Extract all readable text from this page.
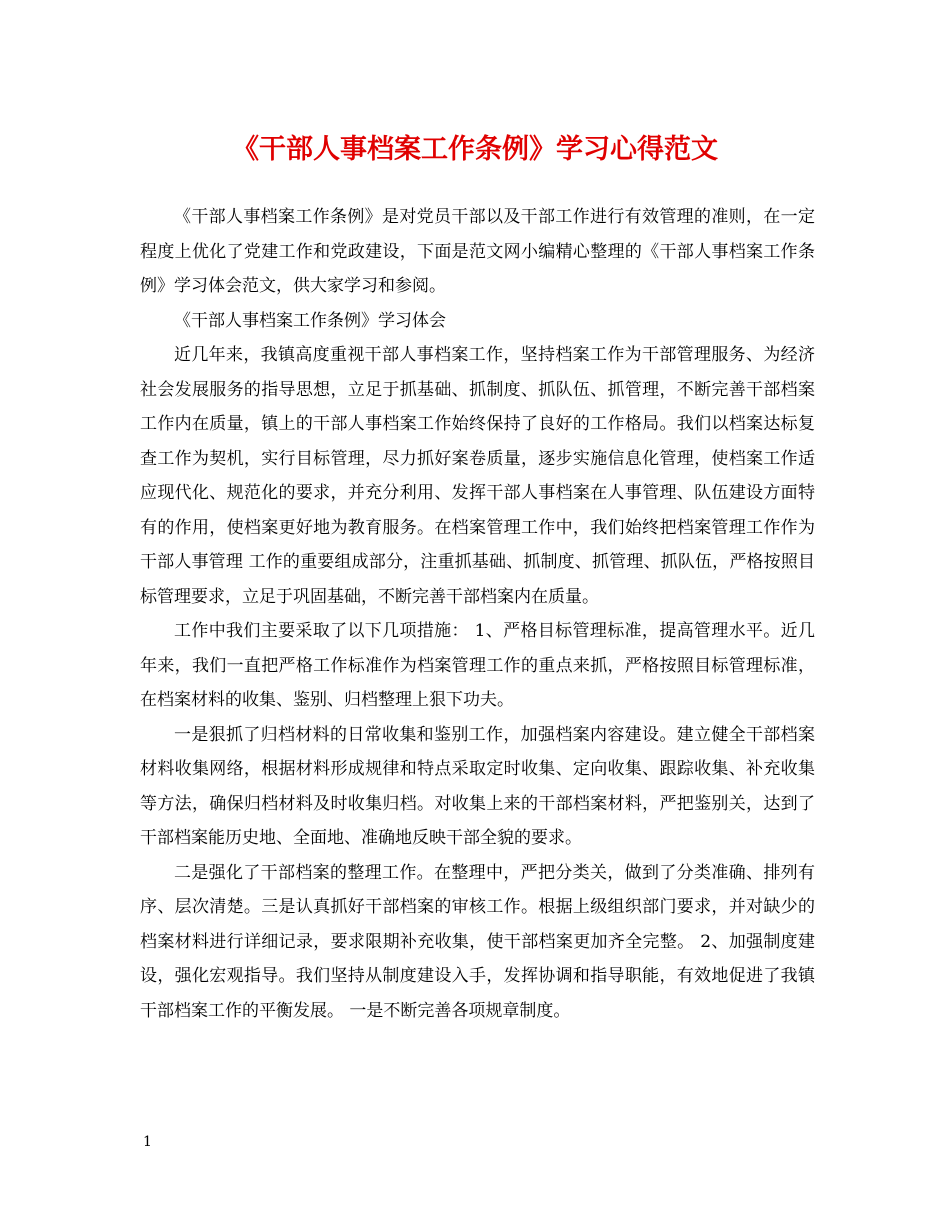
《干部人事档案工作条例》学习心得范文

《干部人事档案工作条例》是对党员干部以及干部工作进行有效管理的准则，在一定程度上优化了党建工作和党政建设，下面是范文网小编精心整理的《干部人事档案工作条例》学习体会范文，供大家学习和参阅。

《干部人事档案工作条例》学习体会

近几年来，我镇高度重视干部人事档案工作，坚持档案工作为干部管理服务、为经济社会发展服务的指导思想，立足于抓基础、抓制度、抓队伍、抓管理，不断完善干部档案工作内在质量，镇上的干部人事档案工作始终保持了良好的工作格局。我们以档案达标复查工作为契机，实行目标管理，尽力抓好案卷质量，逐步实施信息化管理，使档案工作适应现代化、规范化的要求，并充分利用、发挥干部人事档案在人事管理、队伍建设方面特有的作用，使档案更好地为教育服务。在档案管理工作中，我们始终把档案管理工作作为干部人事管理 工作的重要组成部分，注重抓基础、抓制度、抓管理、抓队伍，严格按照目标管理要求，立足于巩固基础，不断完善干部档案内在质量。

工作中我们主要采取了以下几项措施： 1、严格目标管理标准，提高管理水平。近几年来，我们一直把严格工作标准作为档案管理工作的重点来抓，严格按照目标管理标准，在档案材料的收集、鉴别、归档整理上狠下功夫。

一是狠抓了归档材料的日常收集和鉴别工作，加强档案内容建设。建立健全干部档案材料收集网络，根据材料形成规律和特点采取定时收集、定向收集、跟踪收集、补充收集等方法，确保归档材料及时收集归档。对收集上来的干部档案材料，严把鉴别关，达到了干部档案能历史地、全面地、准确地反映干部全貌的要求。

二是强化了干部档案的整理工作。在整理中，严把分类关，做到了分类准确、排列有序、层次清楚。三是认真抓好干部档案的审核工作。根据上级组织部门要求，并对缺少的档案材料进行详细记录，要求限期补充收集，使干部档案更加齐全完整。 2、加强制度建设，强化宏观指导。我们坚持从制度建设入手，发挥协调和指导职能，有效地促进了我镇干部档案工作的平衡发展。 一是不断完善各项规章制度。

1
